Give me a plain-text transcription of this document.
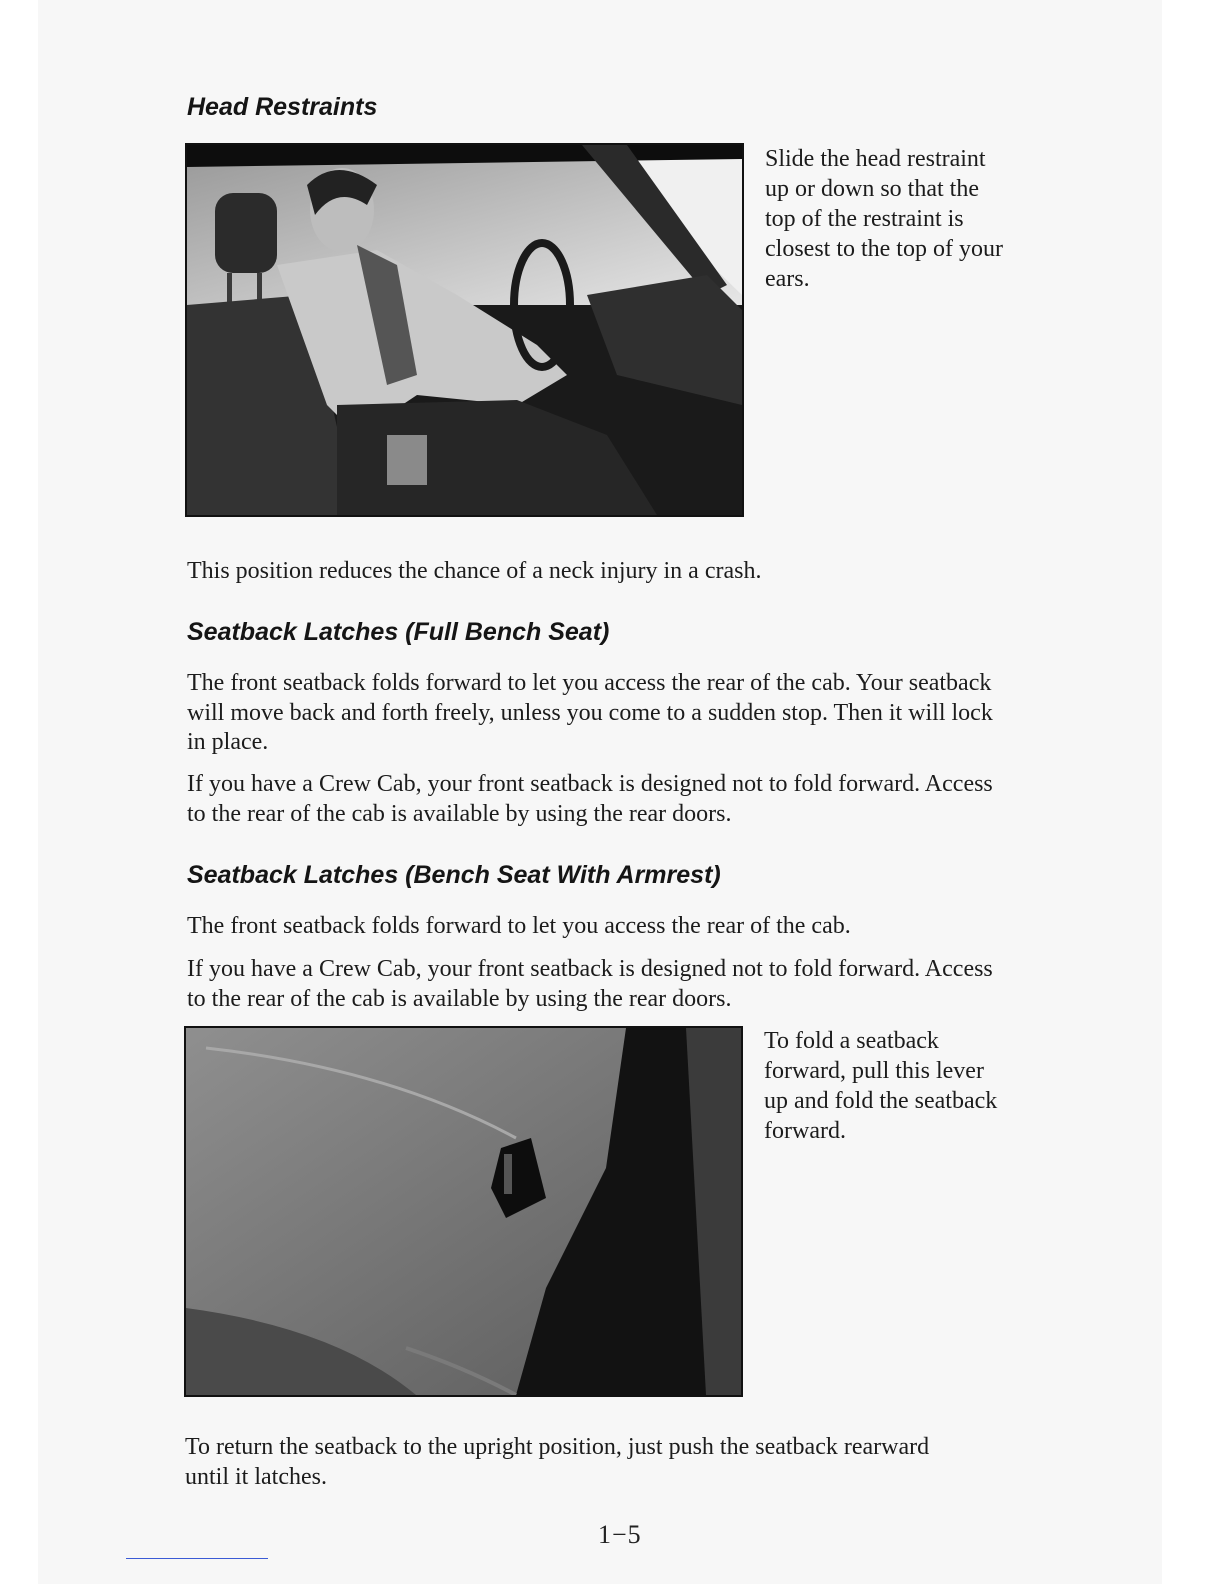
Head Restraints

Slide the head restraint up or down so that the top of the restraint is closest to the top of your ears.

This position reduces the chance of a neck injury in a crash.

Seatback Latches (Full Bench Seat)

The front seatback folds forward to let you access the rear of the cab. Your seatback will move back and forth freely, unless you come to a sudden stop. Then it will lock in place.

If you have a Crew Cab, your front seatback is designed not to fold forward. Access to the rear of the cab is available by using the rear doors.

Seatback Latches (Bench Seat With Armrest)

The front seatback folds forward to let you access the rear of the cab.

If you have a Crew Cab, your front seatback is designed not to fold forward. Access to the rear of the cab is available by using the rear doors.

To fold a seatback forward, pull this lever up and fold the seatback forward.

To return the seatback to the upright position, just push the seatback rearward until it latches.

1−5
